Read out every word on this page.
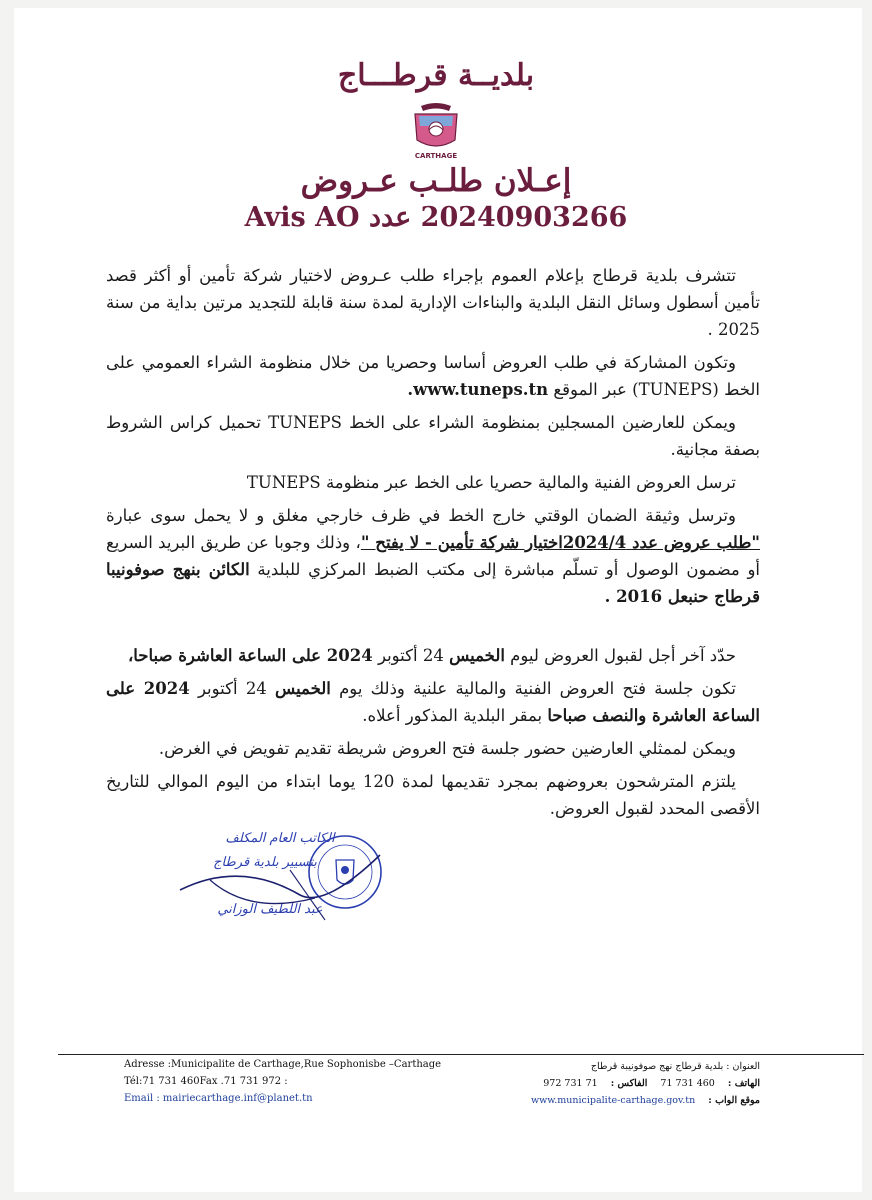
بلديــة قرطـــاج
CARTHAGE
إعـلان طلـب عـروض
20240903266 عدد Avis AO

تتشرف بلدية قرطاج بإعلام العموم بإجراء طلب عـروض لاختيار شركة تأمين أو أكثر قصد تأمين أسطول وسائل النقل البلدية والبناءات الإدارية لمدة سنة قابلة للتجديد مرتين بداية من سنة 2025 .

وتكون المشاركة في طلب العروض أساسا وحصريا من خلال منظومة الشراء العمومي على الخط (TUNEPS) عبر الموقع www.tuneps.tn.

ويمكن للعارضين المسجلين بمنظومة الشراء على الخط TUNEPS تحميل كراس الشروط بصفة مجانية.

ترسل العروض الفنية والمالية حصريا على الخط عبر منظومة TUNEPS

وترسل وثيقة الضمان الوقتي خارج الخط في ظرف خارجي مغلق و لا يحمل سوى عبارة "طلب عروض عدد 2024/4اختيار شركة تأمين - لا يفتح "، وذلك وجوبا عن طريق البريد السريع أو مضمون الوصول أو تسلّم مباشرة إلى مكتب الضبط المركزي للبلدية الكائن بنهج صوفونيبا قرطاج حنبعل 2016 .

حدّد آخر أجل لقبول العروض ليوم الخميس 24 أكتوبر 2024 على الساعة العاشرة صباحا،

تكون جلسة فتح العروض الفنية والمالية علنية وذلك يوم الخميس 24 أكتوبر 2024 على الساعة العاشرة والنصف صباحا بمقر البلدية المذكور أعلاه.

ويمكن لممثلي العارضين حضور جلسة فتح العروض شريطة تقديم تفويض في الغرض.

يلتزم المترشحون بعروضهم بمجرد تقديمها لمدة 120 يوما ابتداء من اليوم الموالي للتاريخ الأقصى المحدد لقبول العروض.

الكاتب العام المكلف
بتسيير بلدية قرطاج
عبد اللطيف الوزاني
Adresse :Municipalite de Carthage,Rue Sophonisbe –Carthage
Tél:71 731 460Fax .71 731 972 :
Email : mairiecarthage.inf@planet.tn
العنوان : بلدية قرطاج نهج صوفونيبة قرطاج
الهاتف : 460 731 71 الفاكس : 71 731 972
موقع الواب : www.municipalite-carthage.gov.tn
